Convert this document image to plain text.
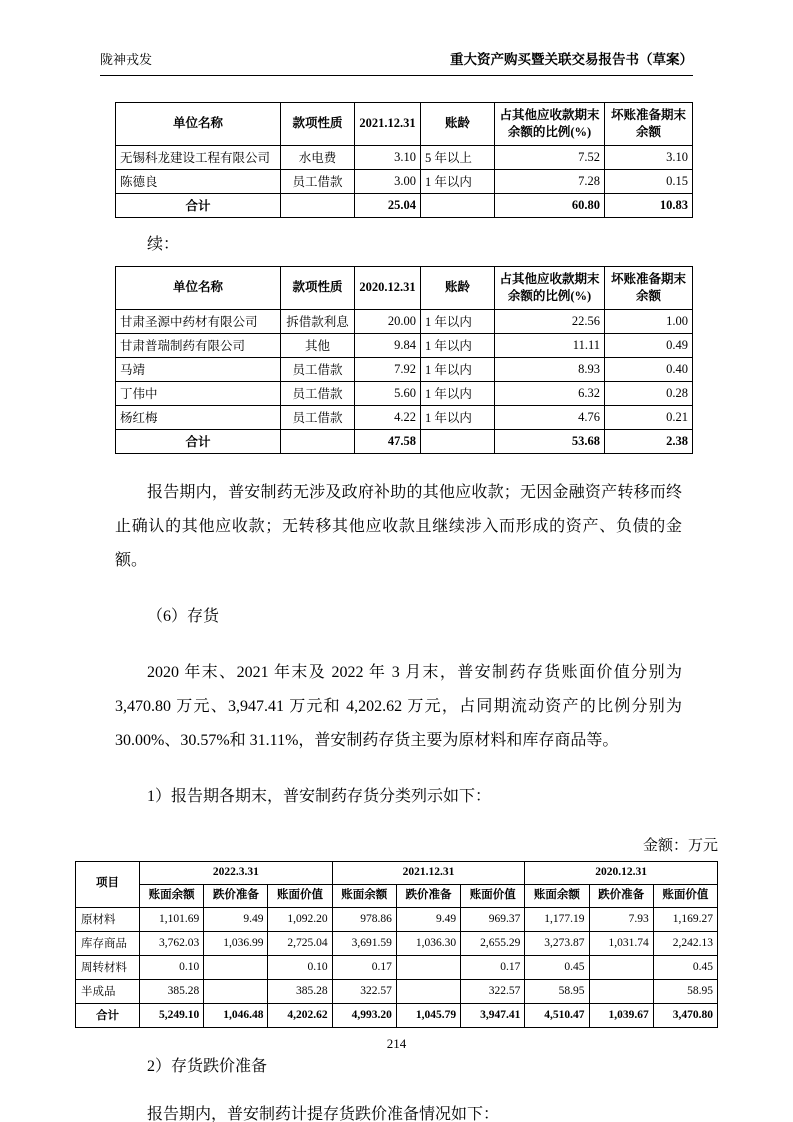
陇神戎发	重大资产购买暨关联交易报告书（草案）
单位名称	款项性质	2021.12.31	账龄	占其他应收款期末余额的比例(%)	坏账准备期末余额
无锡科龙建设工程有限公司	水电费	3.10	5 年以上	7.52	3.10
陈德良	员工借款	3.00	1 年以内	7.28	0.15
合计		25.04		60.80	10.83
续：
单位名称	款项性质	2020.12.31	账龄	占其他应收款期末余额的比例(%)	坏账准备期末余额
甘肃圣源中药材有限公司	拆借款利息	20.00	1 年以内	22.56	1.00
甘肃普瑞制药有限公司	其他	9.84	1 年以内	11.11	0.49
马靖	员工借款	7.92	1 年以内	8.93	0.40
丁伟中	员工借款	5.60	1 年以内	6.32	0.28
杨红梅	员工借款	4.22	1 年以内	4.76	0.21
合计		47.58		53.68	2.38

报告期内，普安制药无涉及政府补助的其他应收款；无因金融资产转移而终止确认的其他应收款；无转移其他应收款且继续涉入而形成的资产、负债的金额。

（6）存货

2020 年末、2021 年末及 2022 年 3 月末，普安制药存货账面价值分别为 3,470.80 万元、3,947.41 万元和 4,202.62 万元，占同期流动资产的比例分别为 30.00%、30.57%和 31.11%，普安制药存货主要为原材料和库存商品等。

1）报告期各期末，普安制药存货分类列示如下：

金额：万元
项目	2022.3.31			2021.12.31			2020.12.31		
	账面余额	跌价准备	账面价值	账面余额	跌价准备	账面价值	账面余额	跌价准备	账面价值
原材料	1,101.69	9.49	1,092.20	978.86	9.49	969.37	1,177.19	7.93	1,169.27
库存商品	3,762.03	1,036.99	2,725.04	3,691.59	1,036.30	2,655.29	3,273.87	1,031.74	2,242.13
周转材料	0.10		0.10	0.17		0.17	0.45		0.45
半成品	385.28		385.28	322.57		322.57	58.95		58.95
合计	5,249.10	1,046.48	4,202.62	4,993.20	1,045.79	3,947.41	4,510.47	1,039.67	3,470.80

2）存货跌价准备

报告期内，普安制药计提存货跌价准备情况如下：

214
